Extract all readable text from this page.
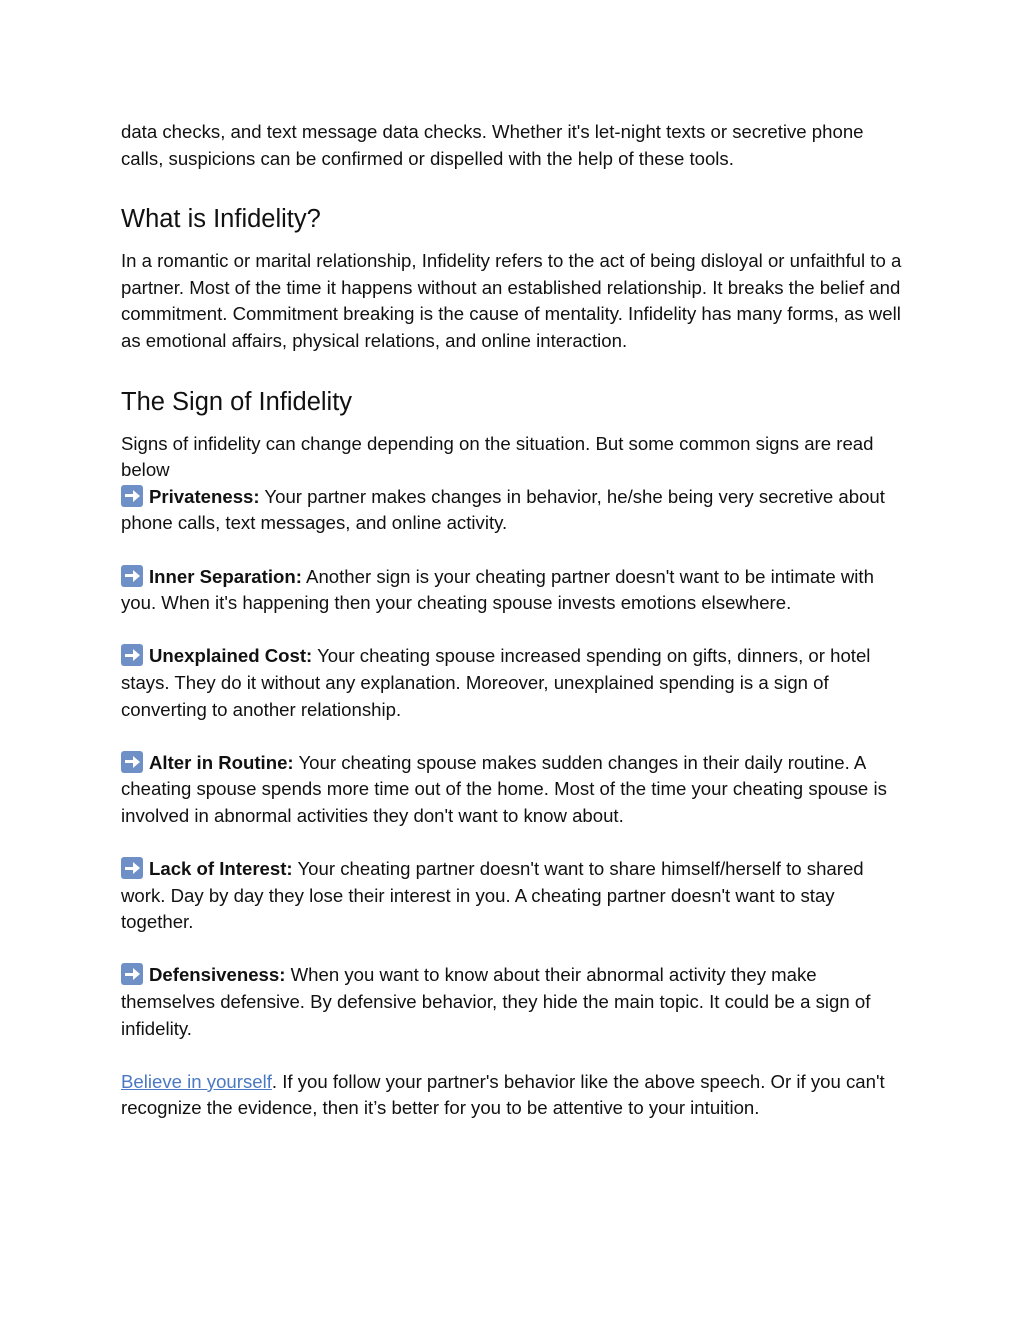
data checks, and text message data checks. Whether it's let-night texts or secretive phone calls, suspicions can be confirmed or dispelled with the help of these tools.

What is Infidelity?

In a romantic or marital relationship, Infidelity refers to the act of being disloyal or unfaithful to a partner. Most of the time it happens without an established relationship. It breaks the belief and commitment. Commitment breaking is the cause of mentality. Infidelity has many forms, as well as emotional affairs, physical relations, and online interaction.

The Sign of Infidelity

Signs of infidelity can change depending on the situation. But some common signs are read below
Privateness: Your partner makes changes in behavior, he/she being very secretive about phone calls, text messages, and online activity.

Inner Separation: Another sign is your cheating partner doesn't want to be intimate with you. When it's happening then your cheating spouse invests emotions elsewhere.

Unexplained Cost: Your cheating spouse increased spending on gifts, dinners, or hotel stays. They do it without any explanation. Moreover, unexplained spending is a sign of converting to another relationship.

Alter in Routine: Your cheating spouse makes sudden changes in their daily routine. A cheating spouse spends more time out of the home. Most of the time your cheating spouse is involved in abnormal activities they don't want to know about.

Lack of Interest: Your cheating partner doesn't want to share himself/herself to shared work. Day by day they lose their interest in you. A cheating partner doesn't want to stay together.

Defensiveness: When you want to know about their abnormal activity they make themselves defensive. By defensive behavior, they hide the main topic. It could be a sign of infidelity.

Believe in yourself. If you follow your partner's behavior like the above speech. Or if you can't recognize the evidence, then it’s better for you to be attentive to your intuition.
